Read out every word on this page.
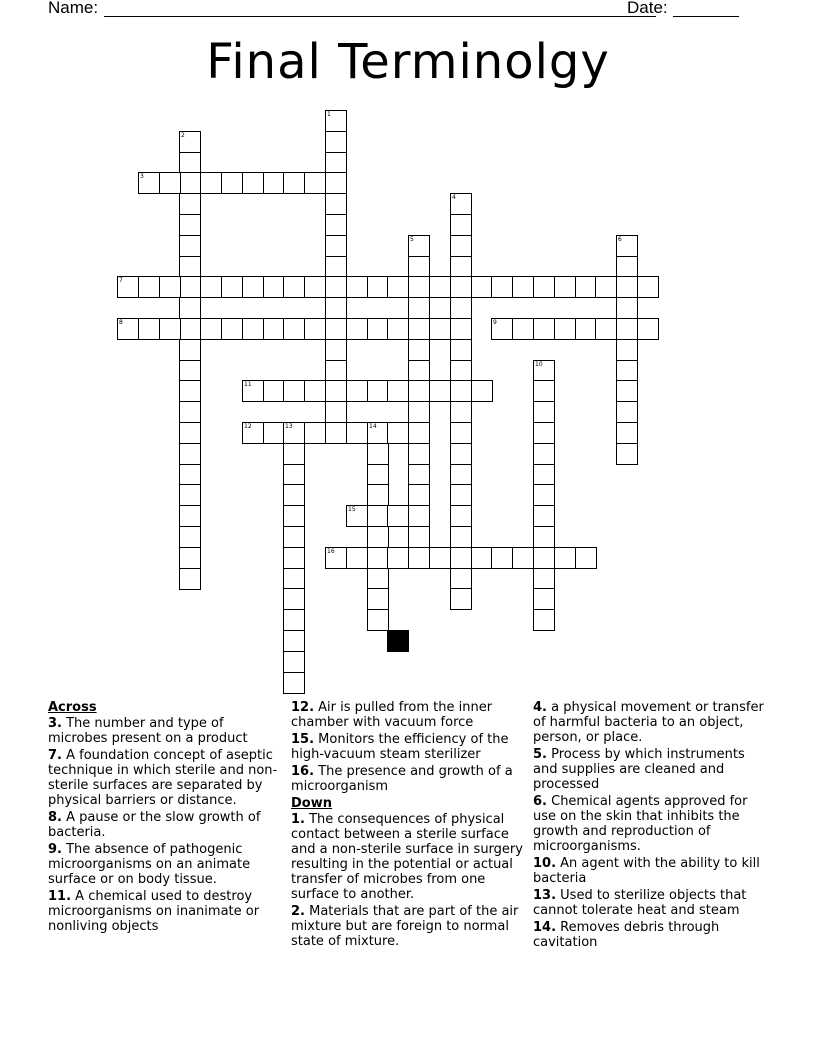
Name:	Date:
Final Terminolgy
1
2
3
4
5	6
7
8	9
10
11
12	13	14
15
16
Across
3. The number and type of microbes present on a product
7. A foundation concept of aseptic technique in which sterile and non-sterile surfaces are separated by physical barriers or distance.
8. A pause or the slow growth of bacteria.
9. The absence of pathogenic microorganisms on an animate surface or on body tissue.
11. A chemical used to destroy microorganisms on inanimate or nonliving objects
12. Air is pulled from the inner chamber with vacuum force
15. Monitors the efficiency of the high-vacuum steam sterilizer
16. The presence and growth of a microorganism
Down
1. The consequences of physical contact between a sterile surface and a non-sterile surface in surgery resulting in the potential or actual transfer of microbes from one surface to another.
2. Materials that are part of the air mixture but are foreign to normal state of mixture.
4. a physical movement or transfer of harmful bacteria to an object, person, or place.
5. Process by which instruments and supplies are cleaned and processed
6. Chemical agents approved for use on the skin that inhibits the growth and reproduction of microorganisms.
10. An agent with the ability to kill bacteria
13. Used to sterilize objects that cannot tolerate heat and steam
14. Removes debris through cavitation
